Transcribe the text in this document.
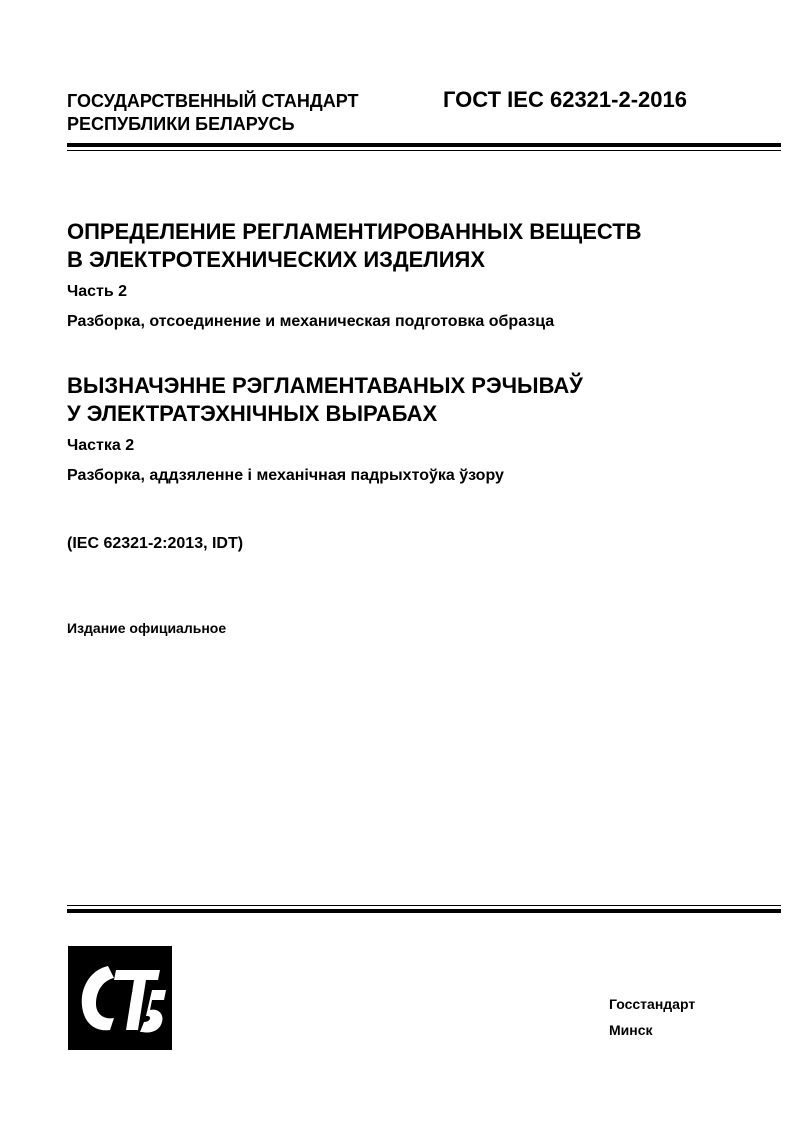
ГОСУДАРСТВЕННЫЙ СТАНДАРТ
РЕСПУБЛИКИ БЕЛАРУСЬ
ГОСТ IEC 62321-2-2016
ОПРЕДЕЛЕНИЕ РЕГЛАМЕНТИРОВАННЫХ ВЕЩЕСТВ
В ЭЛЕКТРОТЕХНИЧЕСКИХ ИЗДЕЛИЯХ
Часть 2
Разборка, отсоединение и механическая подготовка образца
ВЫЗНАЧЭННЕ РЭГЛАМЕНТАВАНЫХ РЭЧЫВАЎ
У ЭЛЕКТРАТЭХНІЧНЫХ ВЫРАБАХ
Частка 2
Разборка, аддзяленне і механічная падрыхтоўка ўзору
(IEC 62321-2:2013, IDT)
Издание официальное
Госстандарт
Минск
